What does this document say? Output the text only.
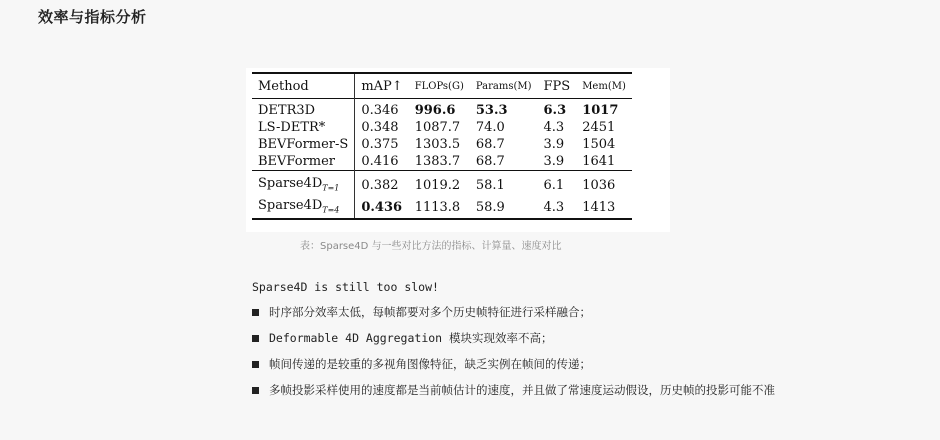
效率与指标分析
Method	mAP↑	FLOPs(G)	Params(M)	FPS	Mem(M)
DETR3D	0.346	996.6	53.3	6.3	1017
LS-DETR*	0.348	1087.7	74.0	4.3	2451
BEVFormer-S	0.375	1303.5	68.7	3.9	1504
BEVFormer	0.416	1383.7	68.7	3.9	1641
$Sparse4D_{T=1}$	0.382	1019.2	58.1	6.1	1036
$Sparse4D_{T=4}$	0.436	1113.8	58.9	4.3	1413
表：Sparse4D 与一些对比方法的指标、计算量、速度对比
Sparse4D is still too slow!
时序部分效率太低，每帧都要对多个历史帧特征进行采样融合；
Deformable 4D Aggregation 模块实现效率不高；
帧间传递的是较重的多视角图像特征，缺乏实例在帧间的传递；
多帧投影采样使用的速度都是当前帧估计的速度，并且做了常速度运动假设，历史帧的投影可能不准
